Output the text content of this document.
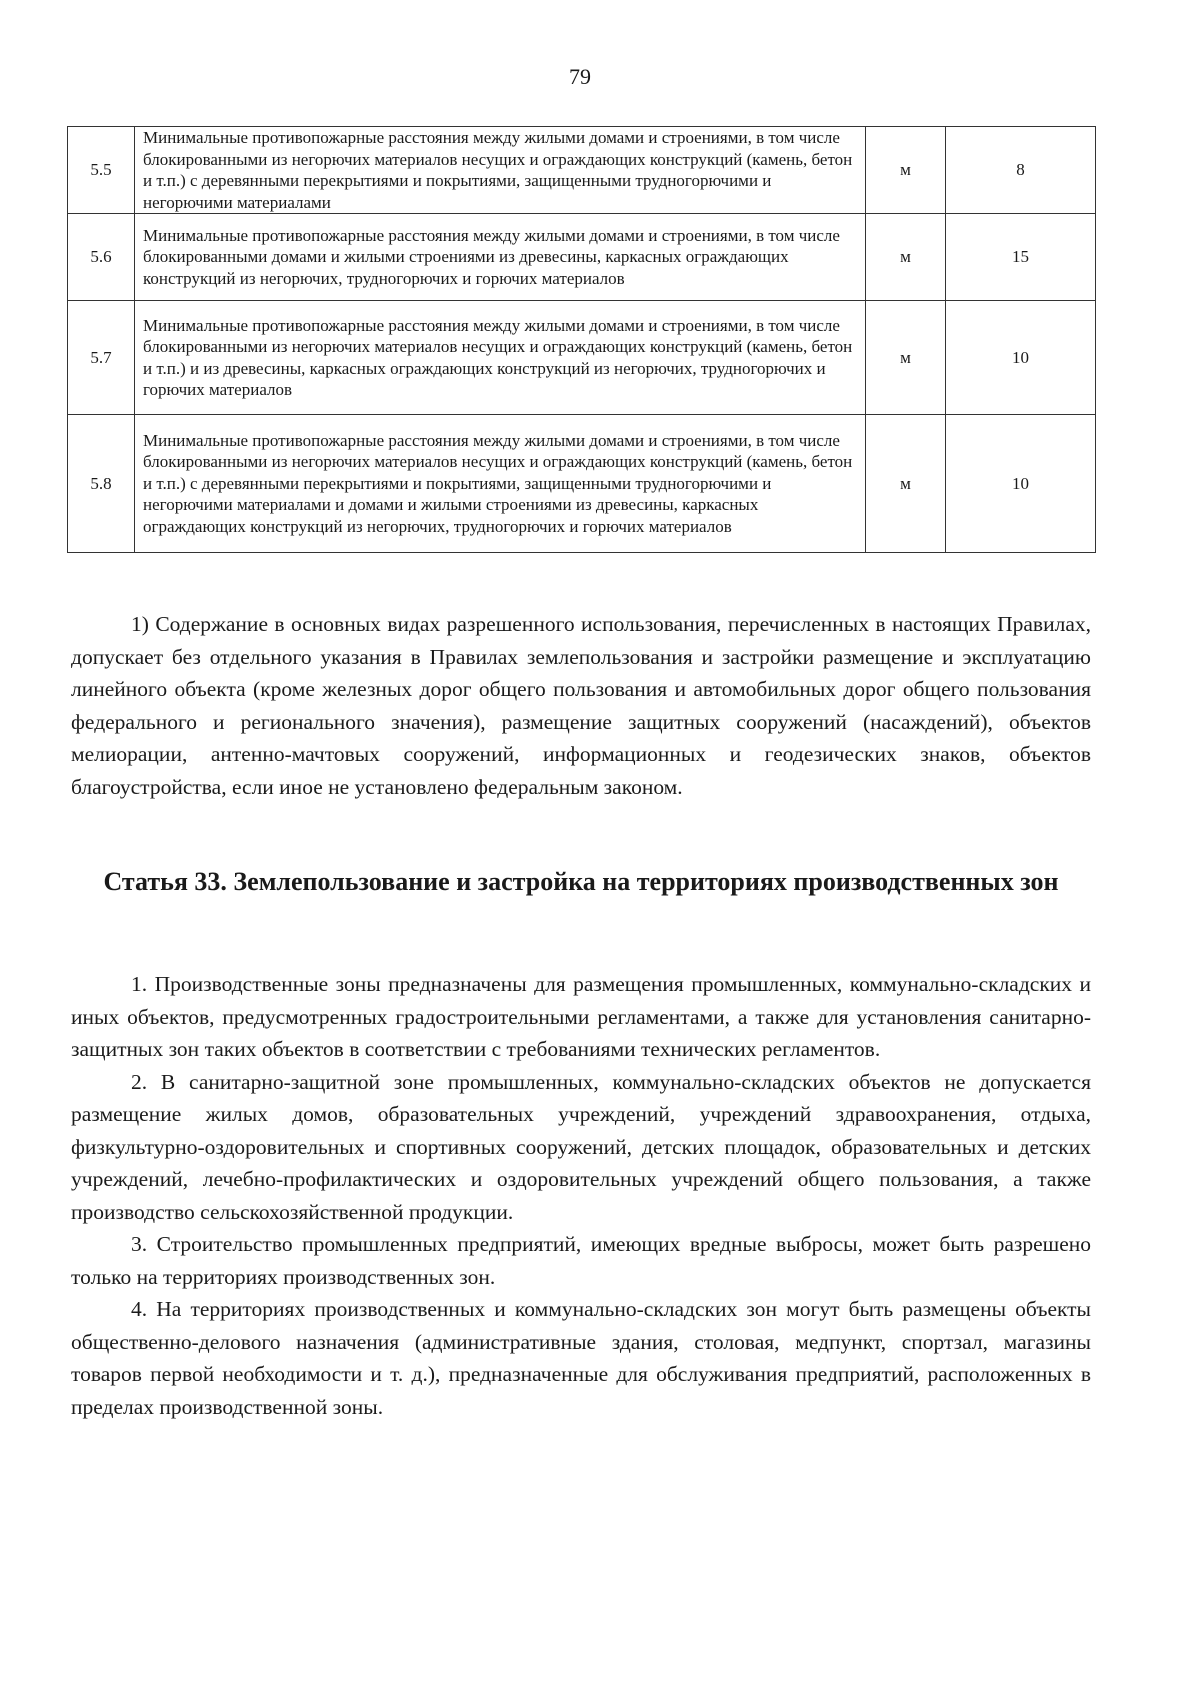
79
5.5	Минимальные противопожарные расстояния между жилыми домами и строениями, в том числе блокированными из негорючих материалов несущих и ограждающих конструкций (камень, бетон и т.п.) с деревянными перекрытиями и покрытиями, защищенными трудногорючими и негорючими материалами	м	8
5.6	Минимальные противопожарные расстояния между жилыми домами и строениями, в том числе блокированными домами и жилыми строениями из древесины, каркасных ограждающих конструкций из негорючих, трудногорючих и горючих материалов	м	15
5.7	Минимальные противопожарные расстояния между жилыми домами и строениями, в том числе блокированными из негорючих материалов несущих и ограждающих конструкций (камень, бетон и т.п.) и из древесины, каркасных ограждающих конструкций из негорючих, трудногорючих и горючих материалов	м	10
5.8	Минимальные противопожарные расстояния между жилыми домами и строениями, в том числе блокированными из негорючих материалов несущих и ограждающих конструкций (камень, бетон и т.п.) с деревянными перекрытиями и покрытиями, защищенными трудногорючими и негорючими материалами и домами и жилыми строениями из древесины, каркасных ограждающих конструкций из негорючих, трудногорючих и горючих материалов	м	10

1) Содержание в основных видах разрешенного использования, перечисленных в настоящих Правилах, допускает без отдельного указания в Правилах землепользования и застройки размещение и эксплуатацию линейного объекта (кроме железных дорог общего пользования и автомобильных дорог общего пользования федерального и регионального значения), размещение защитных сооружений (насаждений), объектов мелиорации, антенно-мачтовых сооружений, информационных и геодезических знаков, объектов благоустройства, если иное не установлено федеральным законом.

Статья 33. Землепользование и застройка на территориях производственных зон

1. Производственные зоны предназначены для размещения промышленных, коммунально-складских и иных объектов, предусмотренных градостроительными регламентами, а также для установления санитарно-защитных зон таких объектов в соответствии с требованиями технических регламентов.

2. В санитарно-защитной зоне промышленных, коммунально-складских объектов не допускается размещение жилых домов, образовательных учреждений, учреждений здравоохранения, отдыха, физкультурно-оздоровительных и спортивных сооружений, детских площадок, образовательных и детских учреждений, лечебно-профилактических и оздоровительных учреждений общего пользования, а также производство сельскохозяйственной продукции.

3. Строительство промышленных предприятий, имеющих вредные выбросы, может быть разрешено только на территориях производственных зон.

4. На территориях производственных и коммунально-складских зон могут быть размещены объекты общественно-делового назначения (административные здания, столовая, медпункт, спортзал, магазины товаров первой необходимости и т. д.), предназначенные для обслуживания предприятий, расположенных в пределах производственной зоны.
